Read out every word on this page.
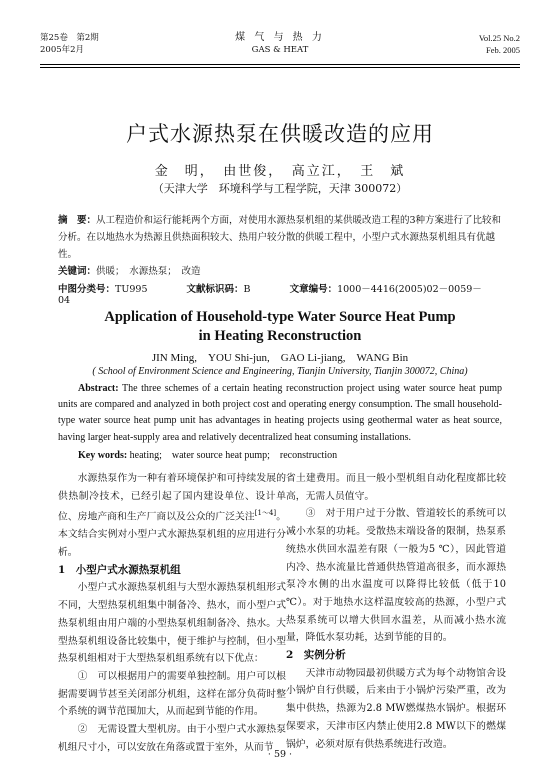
第25卷　第2期
2005年2月
煤 气 与 热 力
GAS & HEAT
Vol.25 No.2
Feb. 2005
户式水源热泵在供暖改造的应用
金　明，　由世俊，　高立江，　王　斌
（天津大学　环境科学与工程学院，天津 300072）
摘　要：从工程造价和运行能耗两个方面，对使用水源热泵机组的某供暖改造工程的3种方案进行了比较和分析。在以地热水为热源且供热面积较大、热用户较分散的供暖工程中，小型户式水源热泵机组具有优越性。
关键词：供暖；　水源热泵；　改造
中图分类号：TU995	文献标识码：B	文章编号：1000－4416(2005)02－0059－04
Application of Household-type Water Source Heat Pump
in Heating Reconstruction
JIN Ming,　YOU Shi-jun,　GAO Li-jiang,　WANG Bin
( School of Environment Science and Engineering, Tianjin University, Tianjin 300072, China)
Abstract: The three schemes of a certain heating reconstruction project using water source heat pump units are compared and analyzed in both project cost and operating energy consumption. The small household-type water source heat pump unit has advantages in heating projects using geothermal water as heat source, having larger heat-supply area and relatively decentralized heat consuming installations.
Key words: heating;　water source heat pump;　reconstruction

水源热泵作为一种有着环境保护和可持续发展的供热制冷技术，已经引起了国内建设单位、设计单位、房地产商和生产厂商以及公众的广泛关注[1～4]。本文结合实例对小型户式水源热泵机组的应用进行分析。

1　小型户式水源热泵机组

小型户式水源热泵机组与大型水源热泵机组形式不同，大型热泵机组集中制备冷、热水，而小型户式热泵机组由用户端的小型热泵机组制备冷、热水。大型热泵机组设备比较集中，便于维护与控制，但小型热泵机组相对于大型热泵机组系统有以下优点：

①　可以根据用户的需要单独控制。用户可以根据需要调节甚至关闭部分机组，这样在部分负荷时整个系统的调节范围加大，从而起到节能的作用。

②　无需设置大型机房。由于小型户式水源热泵机组尺寸小，可以安放在角落或置于室外，从而节

省土建费用。而且一般小型机组自动化程度都比较高，无需人员值守。

③　对于用户过于分散、管道较长的系统可以减小水泵的功耗。受散热末端设备的限制，热泵系统热水供回水温差有限（一般为5 ℃），因此管道内冷、热水流量比普通供热管道高很多，而水源热泵冷水侧的出水温度可以降得比较低（低于10 ℃）。对于地热水这样温度较高的热源，小型户式热泵系统可以增大供回水温差，从而减小热水流量，降低水泵功耗，达到节能的目的。

2　实例分析

天津市动物园最初供暖方式为每个动物馆舍设小锅炉自行供暖，后来由于小锅炉污染严重，改为集中供热，热源为2.8 MW燃煤热水锅炉。根据环保要求，天津市区内禁止使用2.8 MW以下的燃煤锅炉，必须对原有供热系统进行改造。

· 59 ·
